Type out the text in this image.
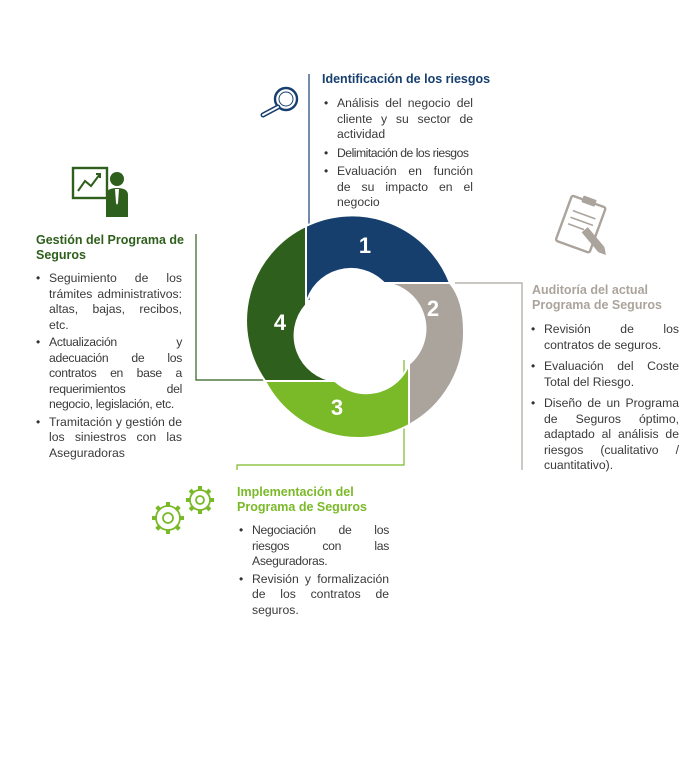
1
2
3
4
Identificación de los riesgos
• Análisis del negocio del cliente y su sector de actividad
• Delimitación de los riesgos
• Evaluación en función de su impacto en el negocio
Auditoría del actual Programa de Seguros
• Revisión de los contratos de seguros.
• Evaluación del Coste Total del Riesgo.
• Diseño de un Programa de Seguros óptimo, adaptado al análisis de riesgos (cualitativo / cuantitativo).
Implementación del Programa de Seguros
• Negociación de los riesgos con las Aseguradoras.
• Revisión y formalización de los contratos de seguros.
Gestión del Programa de Seguros
• Seguimiento de los trámites administrativos: altas, bajas, recibos, etc.
• Actualización y adecuación de los contratos en base a requerimientos del negocio, legislación, etc.
• Tramitación y gestión de los siniestros con las Aseguradoras
